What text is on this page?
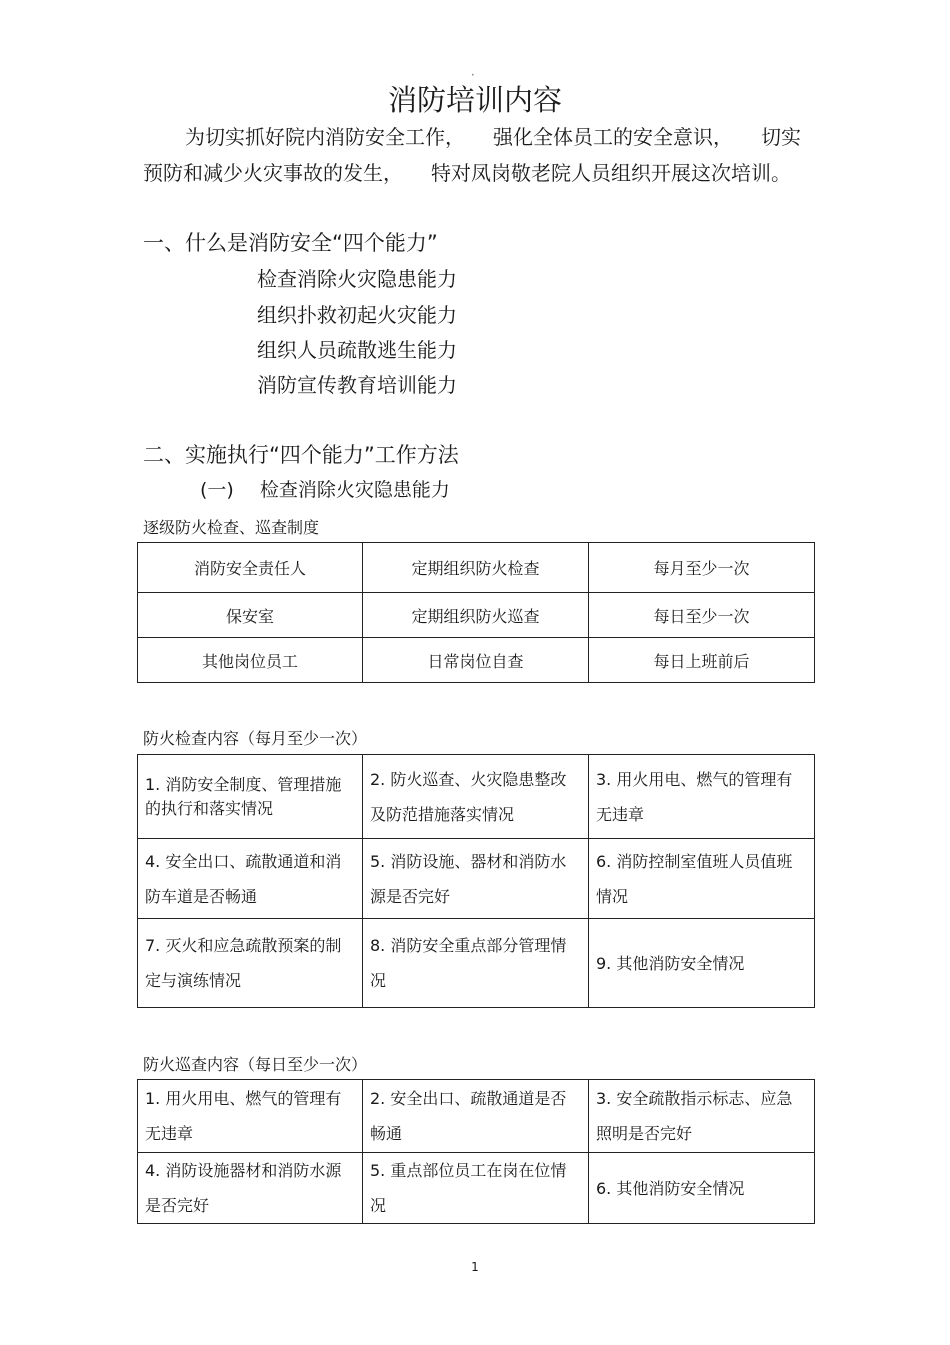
•
消防培训内容
为切实抓好院内消防安全工作， 强化全体员工的安全意识， 切实
预防和减少火灾事故的发生， 特对凤岗敬老院人员组织开展这次培训。
一、什么是消防安全“四个能力”
检查消除火灾隐患能力
组织扑救初起火灾能力
组织人员疏散逃生能力
消防宣传教育培训能力
二、实施执行“四个能力”工作方法
(一) 检查消除火灾隐患能力
逐级防火检查、巡查制度
消防安全责任人	定期组织防火检查	每月至少一次
保安室	定期组织防火巡查	每日至少一次
其他岗位员工	日常岗位自查	每日上班前后
防火检查内容（每月至少一次）
1. 消防安全制度、管理措施的执行和落实情况	2. 防火巡查、火灾隐患整改及防范措施落实情况	3. 用火用电、燃气的管理有无违章
4. 安全出口、疏散通道和消防车道是否畅通	5. 消防设施、器材和消防水源是否完好	6. 消防控制室值班人员值班情况
7. 灭火和应急疏散预案的制定与演练情况	8. 消防安全重点部分管理情况	9. 其他消防安全情况
防火巡查内容（每日至少一次）
1. 用火用电、燃气的管理有无违章	2. 安全出口、疏散通道是否畅通	3. 安全疏散指示标志、应急照明是否完好
4. 消防设施器材和消防水源是否完好	5. 重点部位员工在岗在位情况	6. 其他消防安全情况
1
